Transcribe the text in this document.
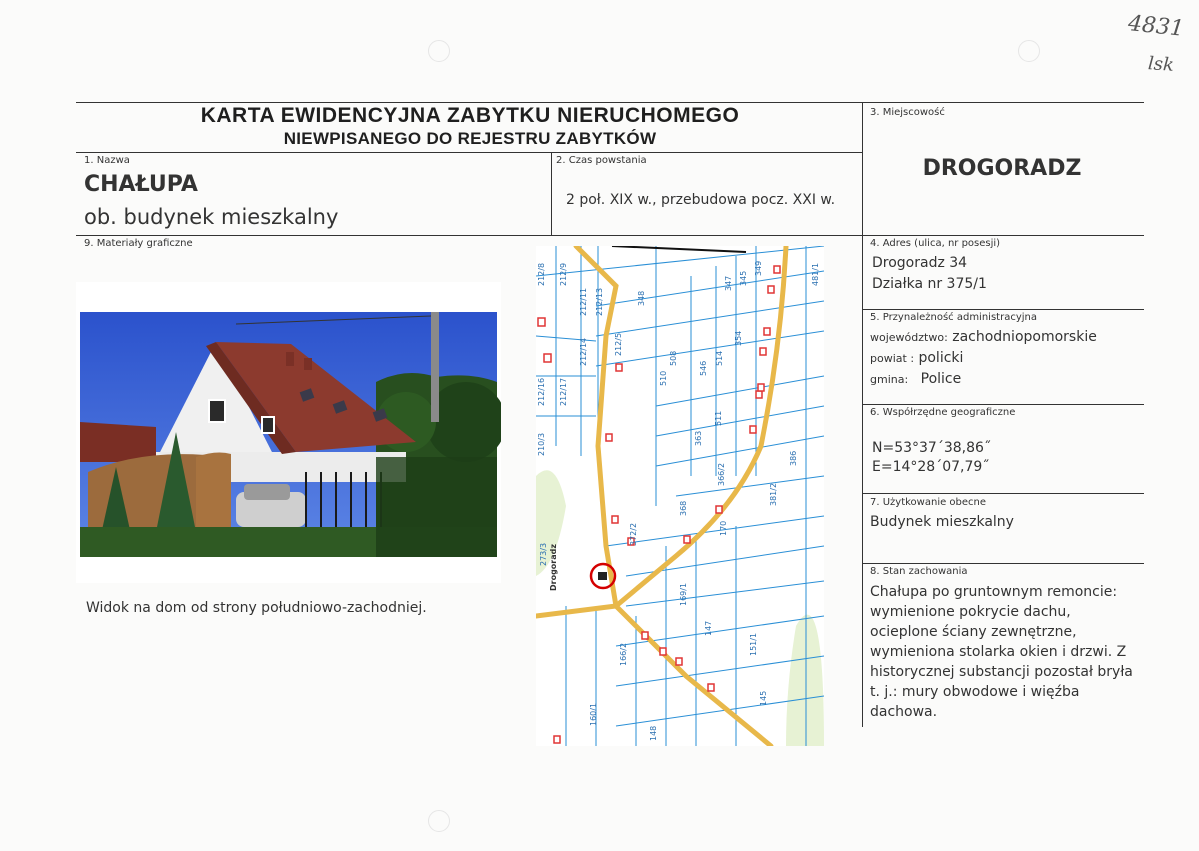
4831
lsk
KARTA EWIDENCYJNA ZABYTKU NIERUCHOMEGO
NIEWPISANEGO DO REJESTRU ZABYTKÓW
1. Nazwa
CHAŁUPA
ob. budynek mieszkalny
2. Czas powstania
2 poł. XIX w., przebudowa pocz. XXI w.
3. Miejscowość
DROGORADZ
9. Materiały graficzne
Widok na dom od strony południowo-zachodniej.
212/8 212/9
212/11 212/13
212/14
212/16 212/17
210/3
212/5
348
508
510
363
511
546
514
354
345
347
349	481/1
366/2
368
170
381/2
386
372/2
169/1
147
151/1
145
166/2
160/1
148
273/3 Drogoradz
4. Adres (ulica, nr posesji)
Drogoradz 34
Działka nr 375/1
5. Przynależność administracyjna
województwo: zachodniopomorskie
powiat : policki
gmina: Police
6. Współrzędne geograficzne
N=53°37´38,86˝
E=14°28´07,79˝
7. Użytkowanie obecne
Budynek mieszkalny
8. Stan zachowania
Chałupa po gruntownym remoncie: wymienione pokrycie dachu, ocieplone ściany zewnętrzne, wymieniona stolarka okien i drzwi. Z historycznej substancji pozostał bryła t. j.: mury obwodowe i więźba dachowa.
